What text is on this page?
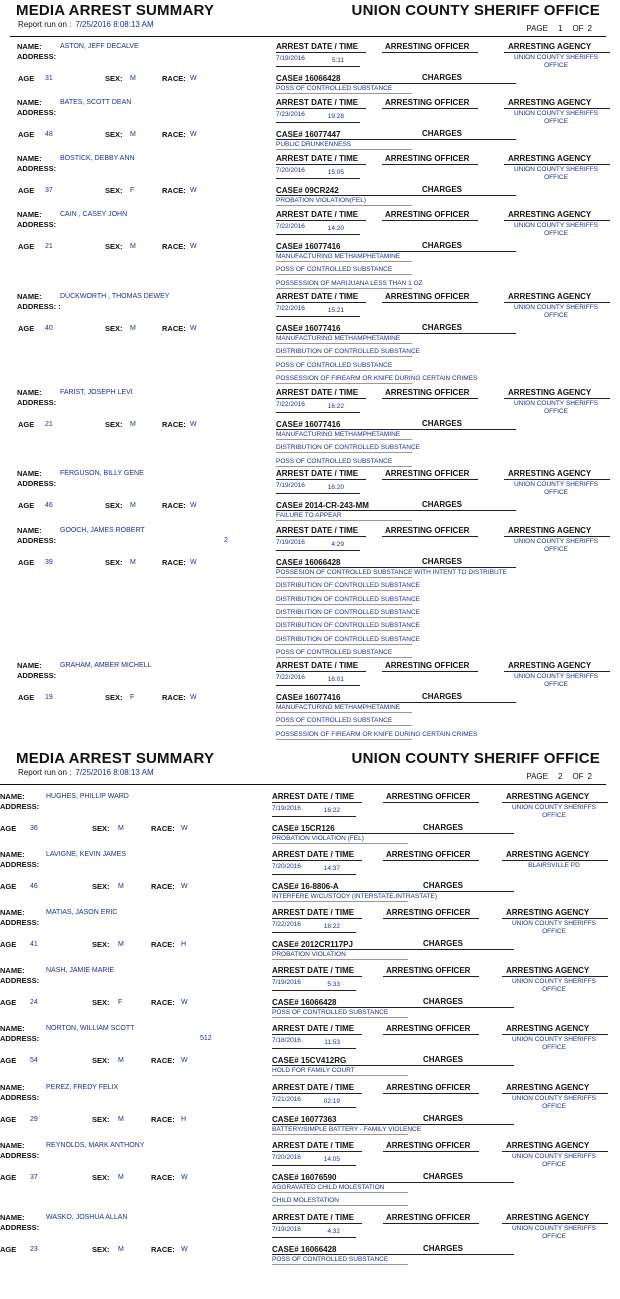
MEDIA ARREST SUMMARY	UNION COUNTY SHERIFF OFFICE
Report run on : 7/25/2016 8:08:13 AM	PAGE 1 OF 2
NAME:	ASTON, JEFF DECALVE
ADDRESS:
AGE 31	SEX: M	RACE: W
ARREST DATE / TIME	ARRESTING OFFICER	ARRESTING AGENCY
7/19/2016	5:11	UNION COUNTY SHERIFFS OFFICE
CASE# 16066428	CHARGES
POSS OF CONTROLLED SUBSTANCE
NAME:	BATES, SCOTT DEAN
ADDRESS:
AGE 48	SEX: M	RACE: W
ARREST DATE / TIME	ARRESTING OFFICER	ARRESTING AGENCY
7/23/2016	19:28	UNION COUNTY SHERIFFS OFFICE
CASE# 16077447	CHARGES
PUBLIC DRUNKENNESS
NAME:	BOSTICK, DEBBY ANN
ADDRESS:
AGE 37	SEX: F	RACE: W
ARREST DATE / TIME	ARRESTING OFFICER	ARRESTING AGENCY
7/20/2016	15:05	UNION COUNTY SHERIFFS OFFICE
CASE# 09CR242	CHARGES
PROBATION VIOLATION(FEL)
NAME:	CAIN , CASEY JOHN
ADDRESS:
AGE 21	SEX: M	RACE: W
ARREST DATE / TIME	ARRESTING OFFICER	ARRESTING AGENCY
7/22/2016	14:20	UNION COUNTY SHERIFFS OFFICE
CASE# 16077416	CHARGES
MANUFACTURING METHAMPHETAMINE
POSS OF CONTROLLED SUBSTANCE
POSSESSION OF MARIJUANA LESS THAN 1 OZ
NAME:	DUCKWORTH , THOMAS DEWEY
ADDRESS: :
AGE 40	SEX: M	RACE: W
ARREST DATE / TIME	ARRESTING OFFICER	ARRESTING AGENCY
7/22/2016	15:21	UNION COUNTY SHERIFFS OFFICE
CASE# 16077416	CHARGES
MANUFACTURING METHAMPHETAMINE
DISTRIBUTION OF CONTROLLED SUBSTANCE
POSS OF CONTROLLED SUBSTANCE
POSSESSION OF FIREARM OR KNIFE DURING CERTAIN CRIMES
NAME:	FARIST, JOSEPH LEVI
ADDRESS:
AGE 21	SEX: M	RACE: W
ARREST DATE / TIME	ARRESTING OFFICER	ARRESTING AGENCY
7/22/2016	16:22	UNION COUNTY SHERIFFS OFFICE
CASE# 16077416	CHARGES
MANUFACTURING METHAMPHETAMINE
DISTRIBUTION OF CONTROLLED SUBSTANCE
POSS OF CONTROLLED SUBSTANCE
NAME:	FERGUSON, BILLY GENE
ADDRESS:
AGE 46	SEX: M	RACE: W
ARREST DATE / TIME	ARRESTING OFFICER	ARRESTING AGENCY
7/19/2016	16:20	UNION COUNTY SHERIFFS OFFICE
CASE# 2014-CR-243-MM	CHARGES
FAILURE TO APPEAR
NAME:	GOOCH, JAMES ROBERT
ADDRESS:	2
AGE 39	SEX: M	RACE: W
ARREST DATE / TIME	ARRESTING OFFICER	ARRESTING AGENCY
7/19/2016	4:29	UNION COUNTY SHERIFFS OFFICE
CASE# 16066428	CHARGES
POSSESION OF CONTROLLED SUBSTANCE WITH INTENT TO DISTRIBUTE
DISTRIBUTION OF CONTROLLED SUBSTANCE
DISTRIBUTION OF CONTROLLED SUBSTANCE
DISTRIBUTION OF CONTROLLED SUBSTANCE
DISTRIBUTION OF CONTROLLED SUBSTANCE
DISTRIBUTION OF CONTROLLED SUBSTANCE
POSS OF CONTROLLED SUBSTANCE
NAME:	GRAHAM, AMBER MICHELL
ADDRESS:
AGE 19	SEX: F	RACE: W
ARREST DATE / TIME	ARRESTING OFFICER	ARRESTING AGENCY
7/22/2016	16:01	UNION COUNTY SHERIFFS OFFICE
CASE# 16077416	CHARGES
MANUFACTURING METHAMPHETAMINE
POSS OF CONTROLLED SUBSTANCE
POSSESSION OF FIREARM OR KNIFE DURING CERTAIN CRIMES
MEDIA ARREST SUMMARY	UNION COUNTY SHERIFF OFFICE
Report run on : 7/25/2016 8:08:13 AM	PAGE 2 OF 2
NAME:	HUGHES, PHILLIP WARD
ADDRESS:
AGE 36	SEX: M	RACE: W
ARREST DATE / TIME	ARRESTING OFFICER	ARRESTING AGENCY
7/19/2016	16:22	UNION COUNTY SHERIFFS OFFICE
CASE# 15CR126	CHARGES
PROBATION VIOLATION (FEL)
NAME:	LAVIGNE, KEVIN JAMES
ADDRESS:
AGE 46	SEX: M	RACE: W
ARREST DATE / TIME	ARRESTING OFFICER	ARRESTING AGENCY
7/20/2016	14:37	BLAIRSVILLE PD
CASE# 16-8806-A	CHARGES
INTERFERE W/CUSTODY (INTERSTATE,INTRASTATE)
NAME:	MATIAS, JASON ERIC
ADDRESS:
AGE 41	SEX: M	RACE: H
ARREST DATE / TIME	ARRESTING OFFICER	ARRESTING AGENCY
7/22/2016	18:22	UNION COUNTY SHERIFFS OFFICE
CASE# 2012CR117PJ	CHARGES
PROBATION VIOLATION
NAME:	NASH, JAMIE MARIE
ADDRESS:
AGE 24	SEX: F	RACE: W
ARREST DATE / TIME	ARRESTING OFFICER	ARRESTING AGENCY
7/19/2016	5:33	UNION COUNTY SHERIFFS OFFICE
CASE# 16066428	CHARGES
POSS OF CONTROLLED SUBSTANCE
NAME:	NORTON, WILLIAM SCOTT
ADDRESS:	512
AGE 54	SEX: M	RACE: W
ARREST DATE / TIME	ARRESTING OFFICER	ARRESTING AGENCY
7/18/2016	11:53	UNION COUNTY SHERIFFS OFFICE
CASE# 15CV412RG	CHARGES
HOLD FOR FAMILY COURT
NAME:	PEREZ, FREDY FELIX
ADDRESS:
AGE 29	SEX: M	RACE: H
ARREST DATE / TIME	ARRESTING OFFICER	ARRESTING AGENCY
7/21/2016	02:19	UNION COUNTY SHERIFFS OFFICE
CASE# 16077363	CHARGES
BATTERY/SIMPLE BATTERY - FAMILY VIOLENCE
NAME:	REYNOLDS, MARK ANTHONY
ADDRESS:
AGE 37	SEX: M	RACE: W
ARREST DATE / TIME	ARRESTING OFFICER	ARRESTING AGENCY
7/20/2016	14:05	UNION COUNTY SHERIFFS OFFICE
CASE# 16076590	CHARGES
AGGRAVATED CHILD MOLESTATION
CHILD MOLESTATION
NAME:	WASKO, JOSHUA ALLAN
ADDRESS:
AGE 23	SEX: M	RACE: W
ARREST DATE / TIME	ARRESTING OFFICER	ARRESTING AGENCY
7/19/2016	4:32	UNION COUNTY SHERIFFS OFFICE
CASE# 16066428	CHARGES
POSS OF CONTROLLED SUBSTANCE
